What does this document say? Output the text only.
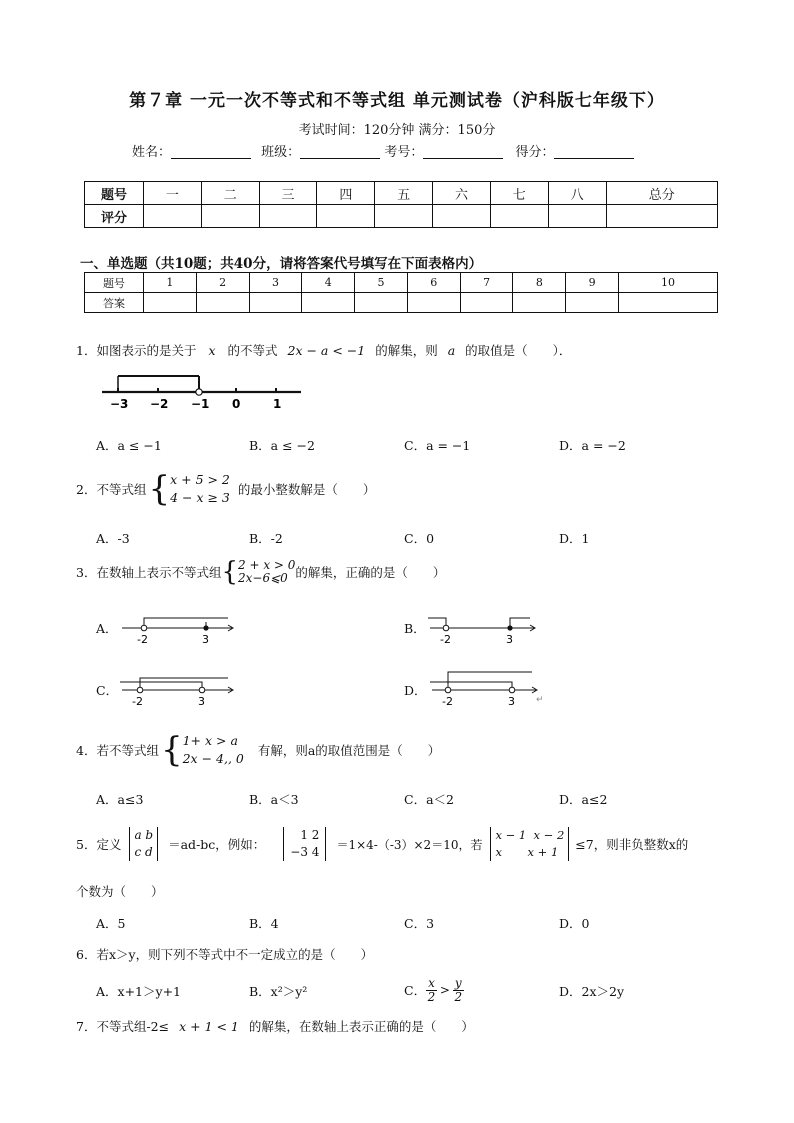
第７章 一元一次不等式和不等式组 单元测试卷（沪科版七年级下）
考试时间：120分钟 满分：150分
姓名：	班级：	考号：	得分：
题号	一	二	三	四	五	六	七	八	总分
评分									
一、单选题（共10题；共40分，请将答案代号填写在下面表格内）
题号	1	2	3	4	5	6	7	8	9	10
答案										
1．如图表示的是关于 x 的不等式 2x − a < −1 的解集，则 a 的取值是（　　）．
−3 −2 −1 0	1
A．a ≤ −1	B．a ≤ −2	C．a = −1	D．a = −2
2．不等式组 { x + 5 > 2
4 − x ≥ 3
的最小整数解是（　　）
A．-3	B．-2	C．0	D．1
3．在数轴上表示不等式组 { 2 + x > 0
2x−6⩽0 的解集，正确的是（　　）
A．
-2	3
B．
-2	3
C．
-2	3
D．
-2	3 ↵
4．若不等式组 { 1+ x > a
2x − 4,, 0
有解，则a的取值范围是（　　）
A．a≤3	B．a＜3	C．a＜2	D．a≤2
5．定义
a b
c d ＝ad-bc，例如：
1 2
−3 4
＝1×4-（-3）×2＝10，若
x − 1  x − 2
x       x + 1	≤7，则非负整数x的
个数为（　　）
A．5	B．4	C．3	D．0
6．若x＞y，则下列不等式中不一定成立的是（　　）
A．x+1＞y+1	B．x²＞y²	C． $\frac{x}{2} > \frac{y}{2}$	D．2x＞2y
7．不等式组-2≤ x + 1 < 1 的解集，在数轴上表示正确的是（　　）
